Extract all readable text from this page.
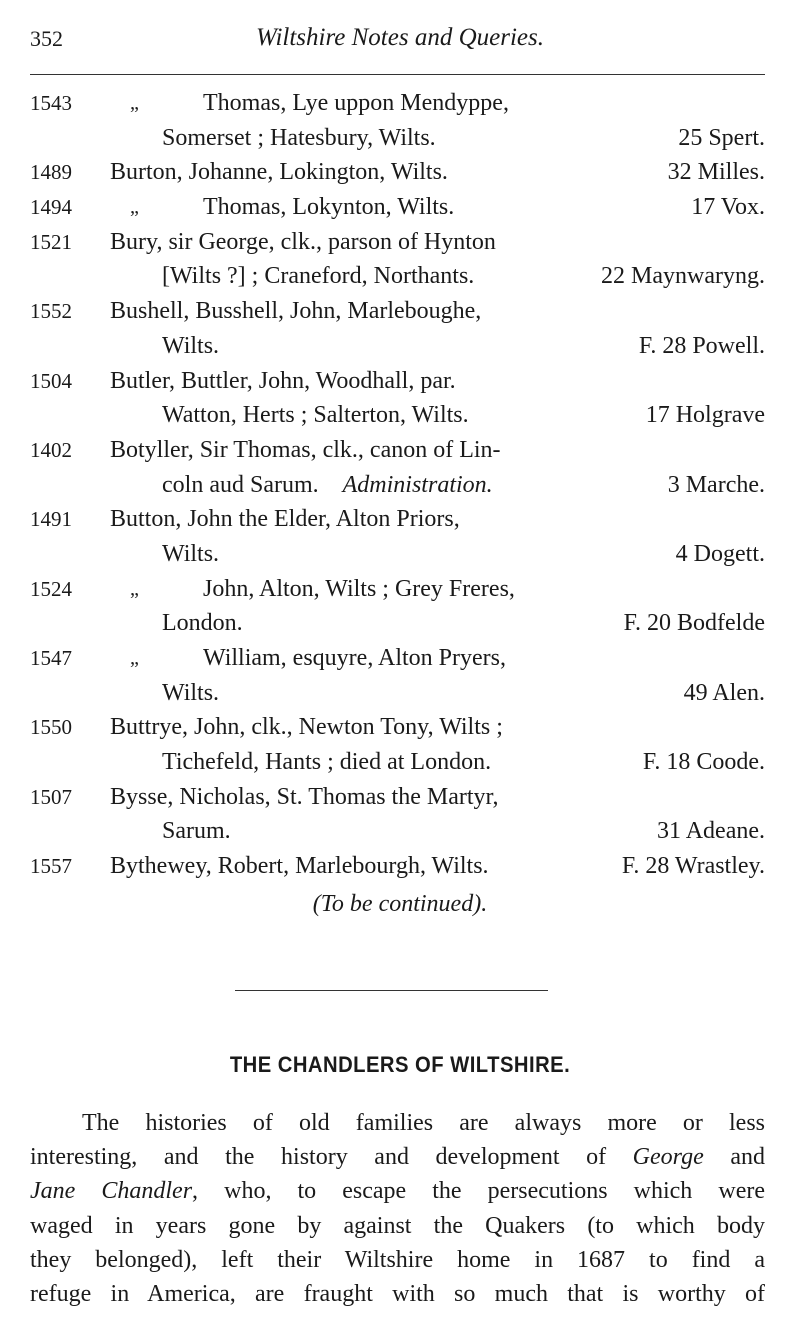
352	Wiltshire Notes and Queries.
1543	„	Thomas, Lye uppon Mendyppe,
Somerset ; Hatesbury, Wilts.	25 Spert.
1489 Burton, Johanne, Lokington, Wilts.	32 Milles.
1494	„	Thomas, Lokynton, Wilts.	17 Vox.
1521 Bury, sir George, clk., parson of Hynton
[Wilts ?] ; Craneford, Northants.	22 Maynwaryng.
1552 Bushell, Busshell, John, Marleboughe,
Wilts.	F. 28 Powell.
1504 Butler, Buttler, John, Woodhall, par.
Watton, Herts ; Salterton, Wilts.	17 Holgrave
1402 Botyller, Sir Thomas, clk., canon of Lin-
coln aud Sarum.  Administration.	3 Marche.
1491 Button, John the Elder, Alton Priors,
Wilts.	4 Dogett.
1524	„	John, Alton, Wilts ; Grey Freres,
London.	F. 20 Bodfelde
1547	„	William, esquyre, Alton Pryers,
Wilts.	49 Alen.
1550 Buttrye, John, clk., Newton Tony, Wilts ;
Tichefeld, Hants ; died at London.	F. 18 Coode.
1507 Bysse, Nicholas, St. Thomas the Martyr,
Sarum.	31 Adeane.
1557 Bythewey, Robert, Marlebourgh, Wilts.	F. 28 Wrastley.
(To be continued).
THE CHANDLERS OF WILTSHIRE.
The histories of old families are always more or less
interesting, and the history and development of George and
Jane Chandler, who, to escape the persecutions which were
waged in years gone by against the Quakers (to which body
they belonged), left their Wiltshire home in 1687 to find a
refuge in America, are fraught with so much that is worthy of
